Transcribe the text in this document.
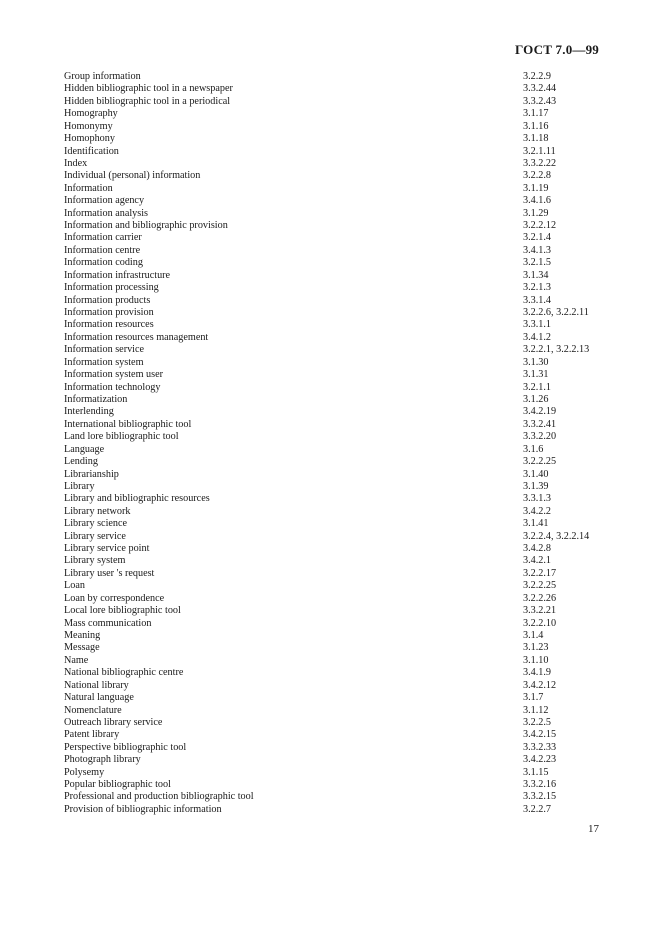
ГОСТ 7.0—99
Group information	3.2.2.9
Hidden bibliographic tool in a newspaper	3.3.2.44
Hidden bibliographic tool in a periodical	3.3.2.43
Homography	3.1.17
Homonymy	3.1.16
Homophony	3.1.18
Identification	3.2.1.11
Index	3.3.2.22
Individual (personal) information	3.2.2.8
Information	3.1.19
Information agency	3.4.1.6
Information analysis	3.1.29
Information and bibliographic provision	3.2.2.12
Information carrier	3.2.1.4
Information centre	3.4.1.3
Information coding	3.2.1.5
Information infrastructure	3.1.34
Information processing	3.2.1.3
Information products	3.3.1.4
Information provision	3.2.2.6, 3.2.2.11
Information resources	3.3.1.1
Information resources management	3.4.1.2
Information service	3.2.2.1, 3.2.2.13
Information system	3.1.30
Information system user	3.1.31
Information technology	3.2.1.1
Informatization	3.1.26
Interlending	3.4.2.19
International bibliographic tool	3.3.2.41
Land lore bibliographic tool	3.3.2.20
Language	3.1.6
Lending	3.2.2.25
Librarianship	3.1.40
Library	3.1.39
Library and bibliographic resources	3.3.1.3
Library network	3.4.2.2
Library science	3.1.41
Library service	3.2.2.4, 3.2.2.14
Library service point	3.4.2.8
Library system	3.4.2.1
Library user 's request	3.2.2.17
Loan	3.2.2.25
Loan by correspondence	3.2.2.26
Local lore bibliographic tool	3.3.2.21
Mass communication	3.2.2.10
Meaning	3.1.4
Message	3.1.23
Name	3.1.10
National bibliographic centre	3.4.1.9
National library	3.4.2.12
Natural language	3.1.7
Nomenclature	3.1.12
Outreach library service	3.2.2.5
Patent library	3.4.2.15
Perspective bibliographic tool	3.3.2.33
Photograph library	3.4.2.23
Polysemy	3.1.15
Popular bibliographic tool	3.3.2.16
Professional and production bibliographic tool	3.3.2.15
Provision of bibliographic information	3.2.2.7
17
